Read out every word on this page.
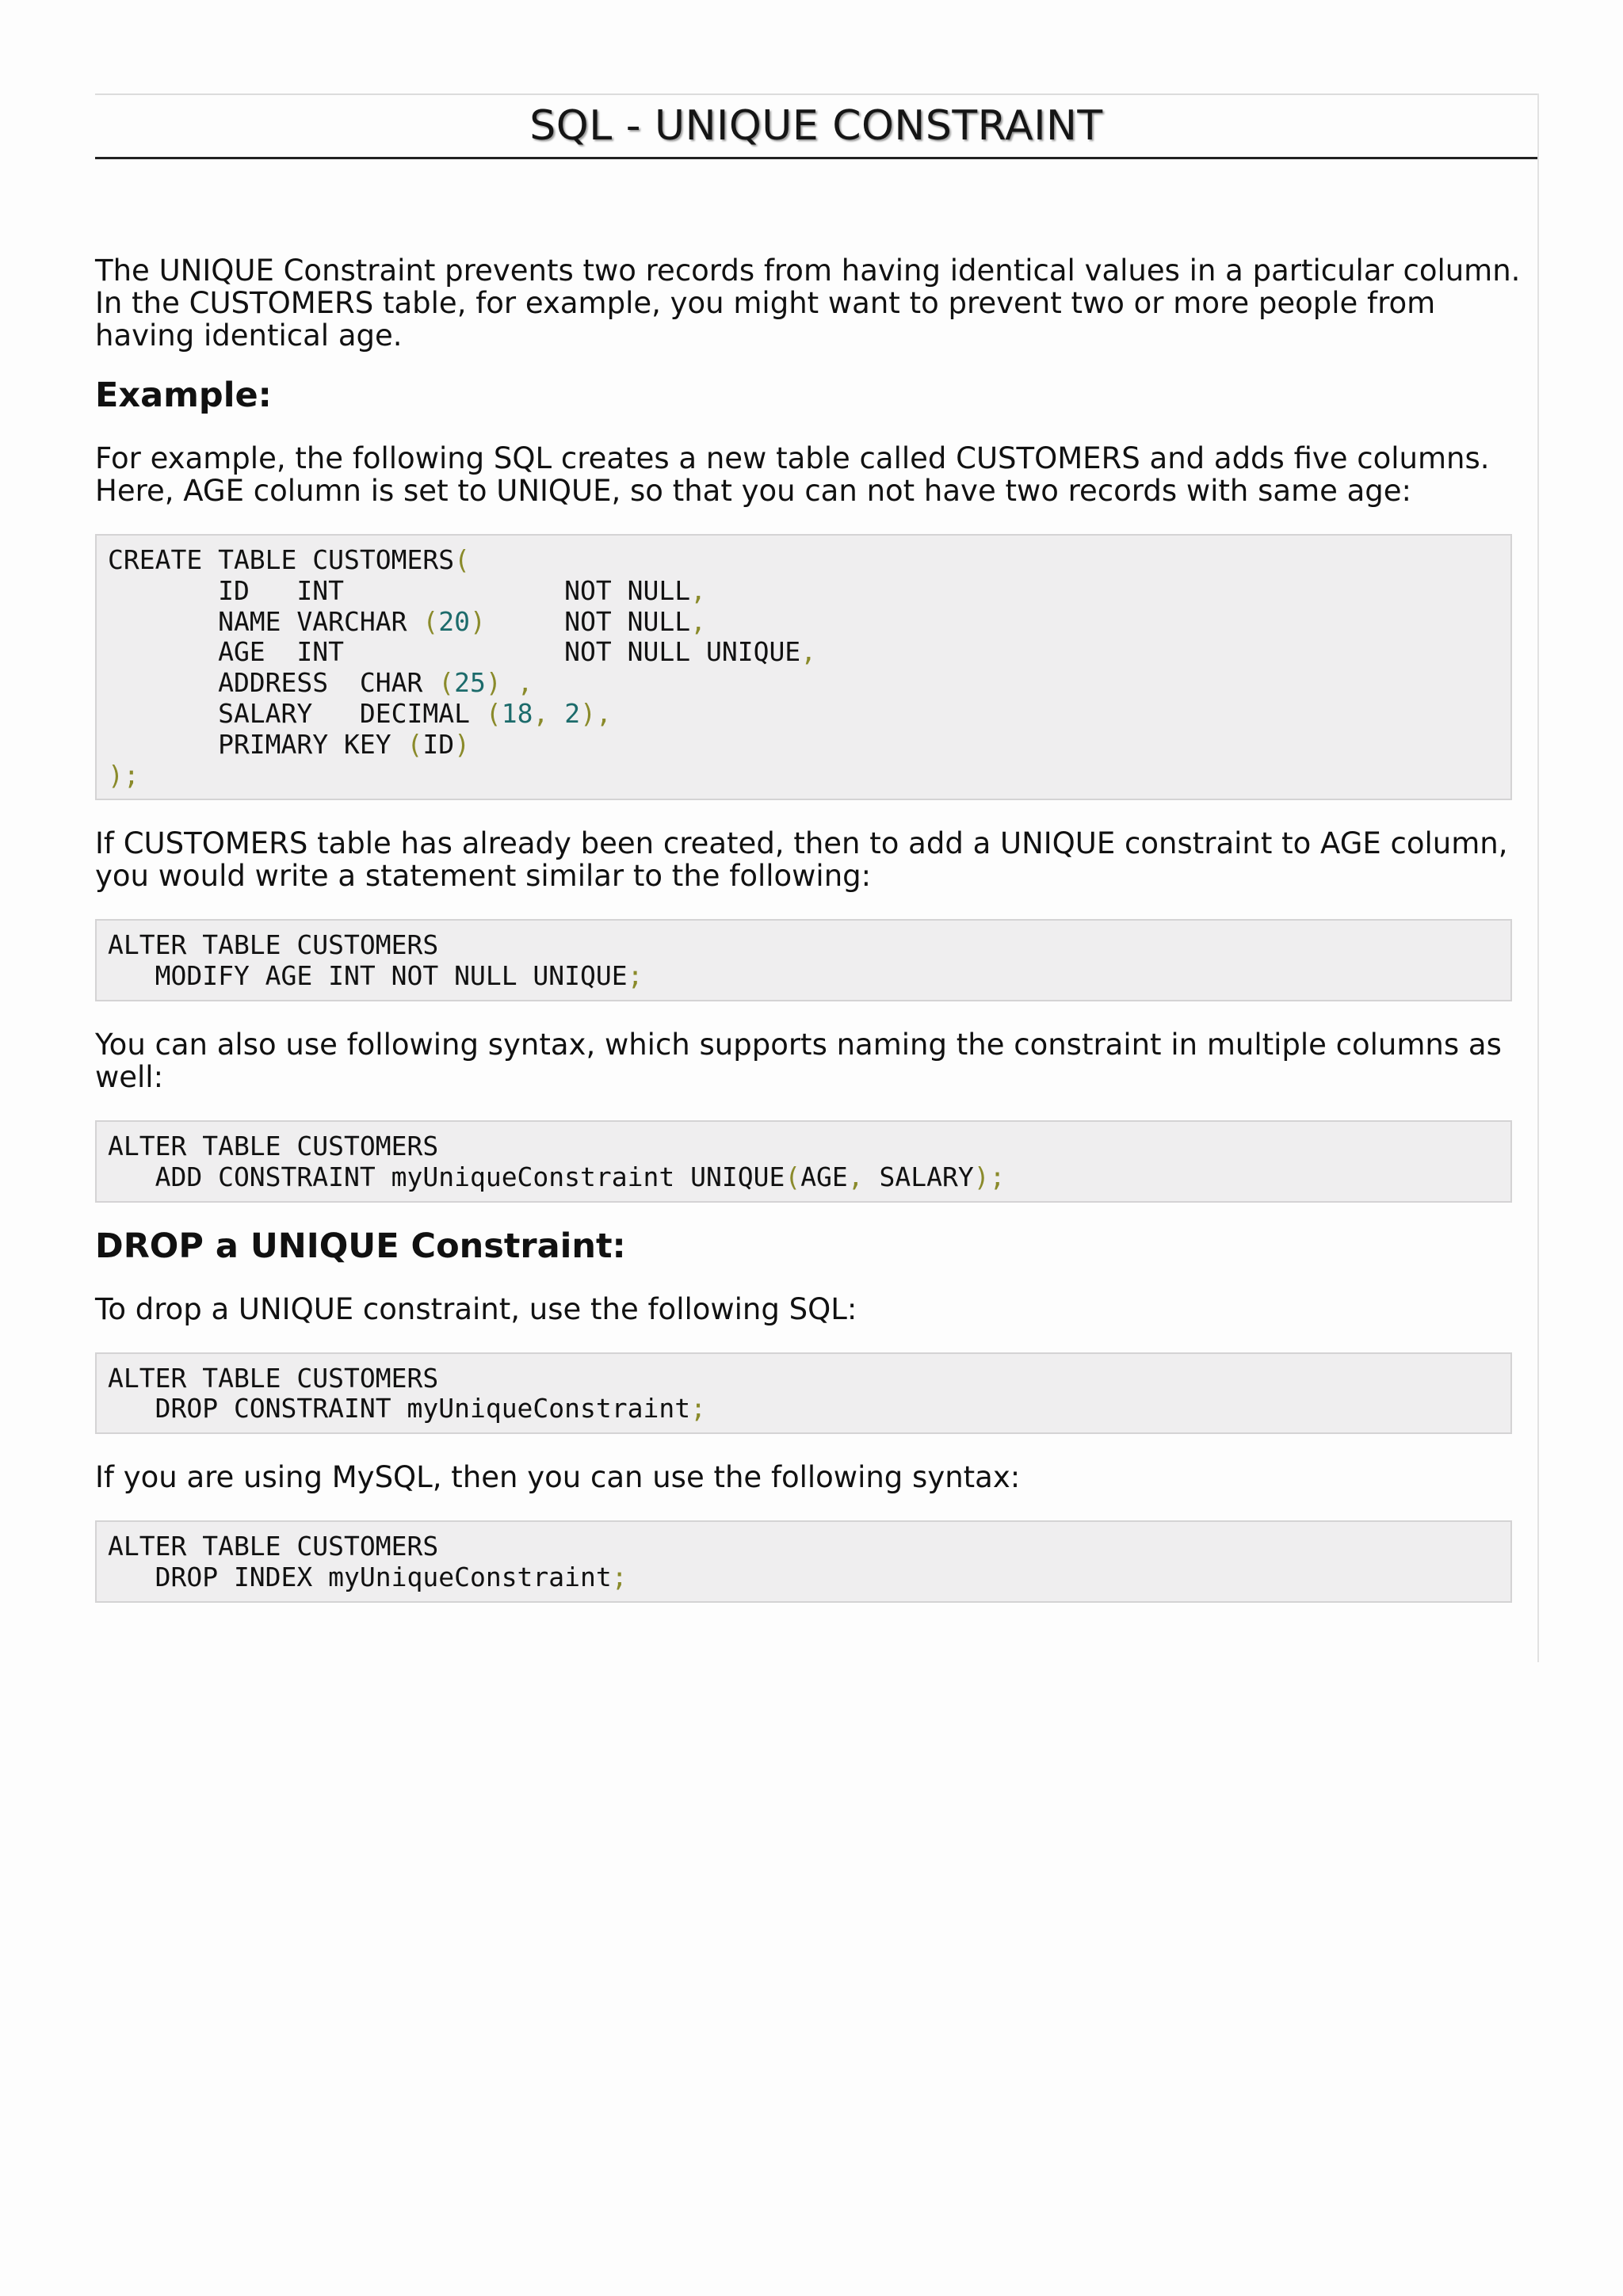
SQL - UNIQUE CONSTRAINT

The UNIQUE Constraint prevents two records from having identical values in a particular column. In the CUSTOMERS table, for example, you might want to prevent two or more people from having identical age.

Example:

For example, the following SQL creates a new table called CUSTOMERS and adds five columns. Here, AGE column is set to UNIQUE, so that you can not have two records with same age:

CREATE TABLE CUSTOMERS(
ID   INT              NOT NULL,
NAME VARCHAR (20)     NOT NULL,
AGE  INT              NOT NULL UNIQUE,
ADDRESS  CHAR (25) ,
SALARY   DECIMAL (18, 2),
PRIMARY KEY (ID)
);

If CUSTOMERS table has already been created, then to add a UNIQUE constraint to AGE column, you would write a statement similar to the following:

ALTER TABLE CUSTOMERS
MODIFY AGE INT NOT NULL UNIQUE;

You can also use following syntax, which supports naming the constraint in multiple columns as well:

ALTER TABLE CUSTOMERS
ADD CONSTRAINT myUniqueConstraint UNIQUE(AGE, SALARY);
DROP a UNIQUE Constraint:

To drop a UNIQUE constraint, use the following SQL:

ALTER TABLE CUSTOMERS
DROP CONSTRAINT myUniqueConstraint;

If you are using MySQL, then you can use the following syntax:

ALTER TABLE CUSTOMERS
DROP INDEX myUniqueConstraint;
